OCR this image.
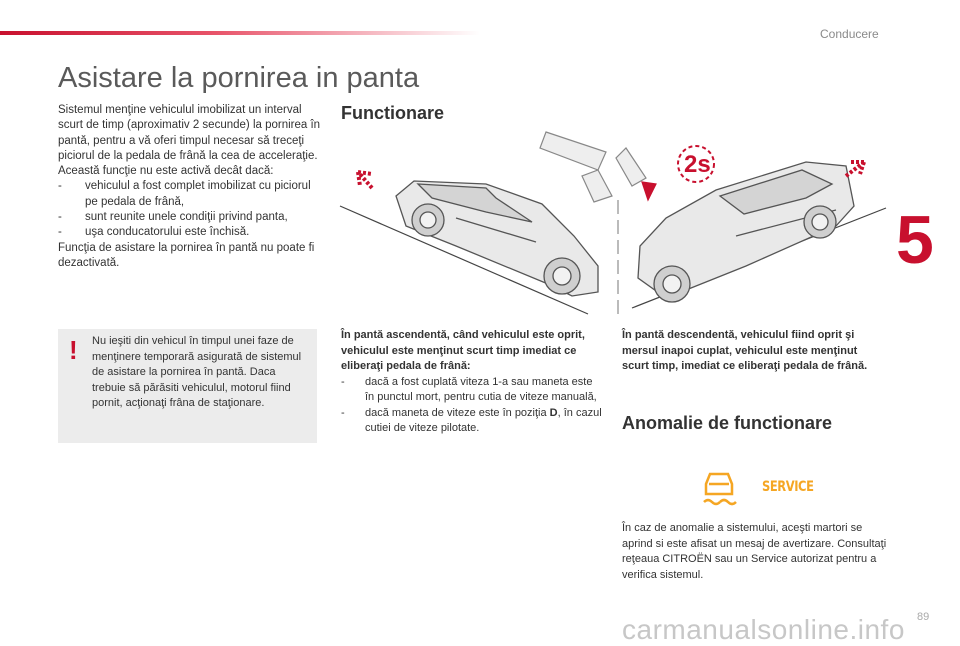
Conducere
5
Asistare la pornirea in panta

Sistemul menţine vehiculul imobilizat un interval scurt de timp (aproximativ 2 secunde) la pornirea în pantă, pentru a vă oferi timpul necesar să treceţi piciorul de la pedala de frână la cea de acceleraţie.

Această funcţie nu este activă decât dacă:

-	vehiculul a fost complet imobilizat cu piciorul pe pedala de frână,
-	sunt reunite unele condiţii privind panta,
-	uşa conducatorului este închisă.

Funcţia de asistare la pornirea în pantă nu poate fi dezactivată.

! Nu ieşiti din vehicul în timpul unei faze de menţinere temporară asigurată de sistemul de asistare la pornirea în pantă. Daca trebuie să părăsiti vehiculul, motorul fiind pornit, acţionaţi frâna de staţionare.
Functionare
2s

În pantă ascendentă, când vehiculul este oprit, vehiculul este menţinut scurt timp imediat ce eliberaţi pedala de frână:

-	dacă a fost cuplată viteza 1-a sau maneta este în punctul mort, pentru cutia de viteze manuală,
-	dacă maneta de viteze este în poziţia D, în cazul cutiei de viteze pilotate.

În pantă descendentă, vehiculul fiind oprit şi mersul inapoi cuplat, vehiculul este menţinut scurt timp, imediat ce eliberaţi pedala de frână.

Anomalie de functionare
SERVICE

În caz de anomalie a sistemului, aceşti martori se aprind si este afisat un mesaj de avertizare. Consultaţi reţeaua CITROËN sau un Service autorizat pentru a verifica sistemul.

89
carmanualsonline.info
